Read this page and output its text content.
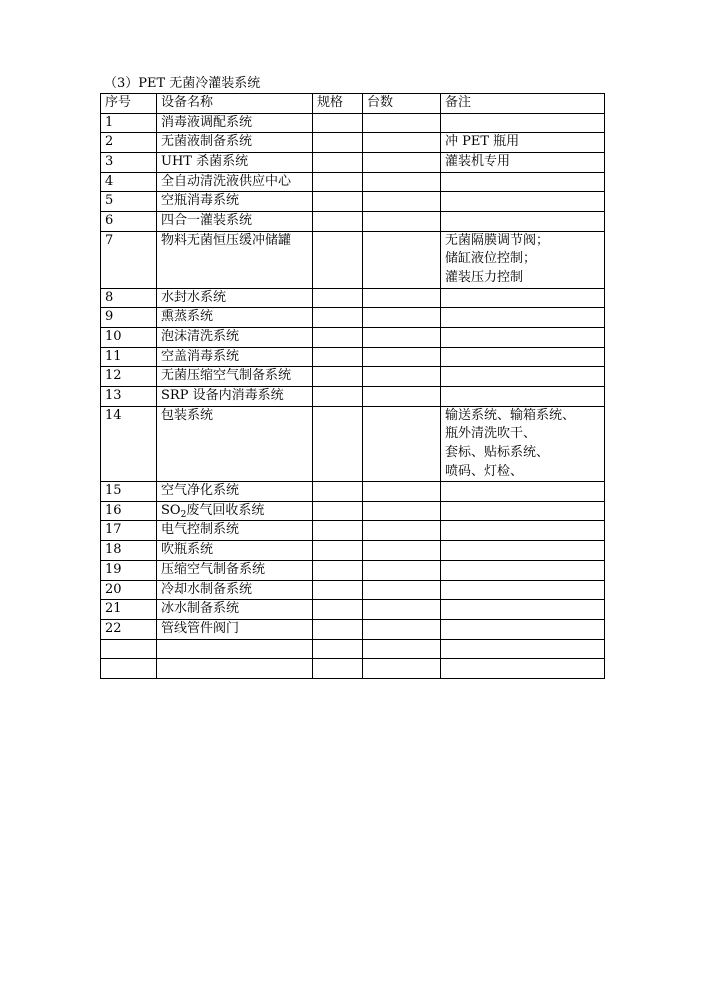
（3）PET 无菌冷灌装系统
序号	设备名称	规格	台数	备注
1	消毒液调配系统			
2	无菌液制备系统			冲 PET 瓶用

3	UHT 杀菌系统			灌装机专用

4	全自动清洗液供应中心			
5	空瓶消毒系统			
6	四合一灌装系统			
7	物料无菌恒压缓冲储罐			无菌隔膜调节阀；
储缸液位控制；
灌装压力控制

8	水封水系统			
9	熏蒸系统			
10	泡沫清洗系统			
11	空盖消毒系统			
12	无菌压缩空气制备系统			
13	SRP 设备内消毒系统			
14	包装系统			输送系统、输箱系统、
瓶外清洗吹干、
套标、贴标系统、
喷码、灯检、

15	空气净化系统			
16	$SO_2$废气回收系统			
17	电气控制系统			
18	吹瓶系统			
19	压缩空气制备系统			
20	冷却水制备系统			
21	冰水制备系统			
22	管线管件阀门			
